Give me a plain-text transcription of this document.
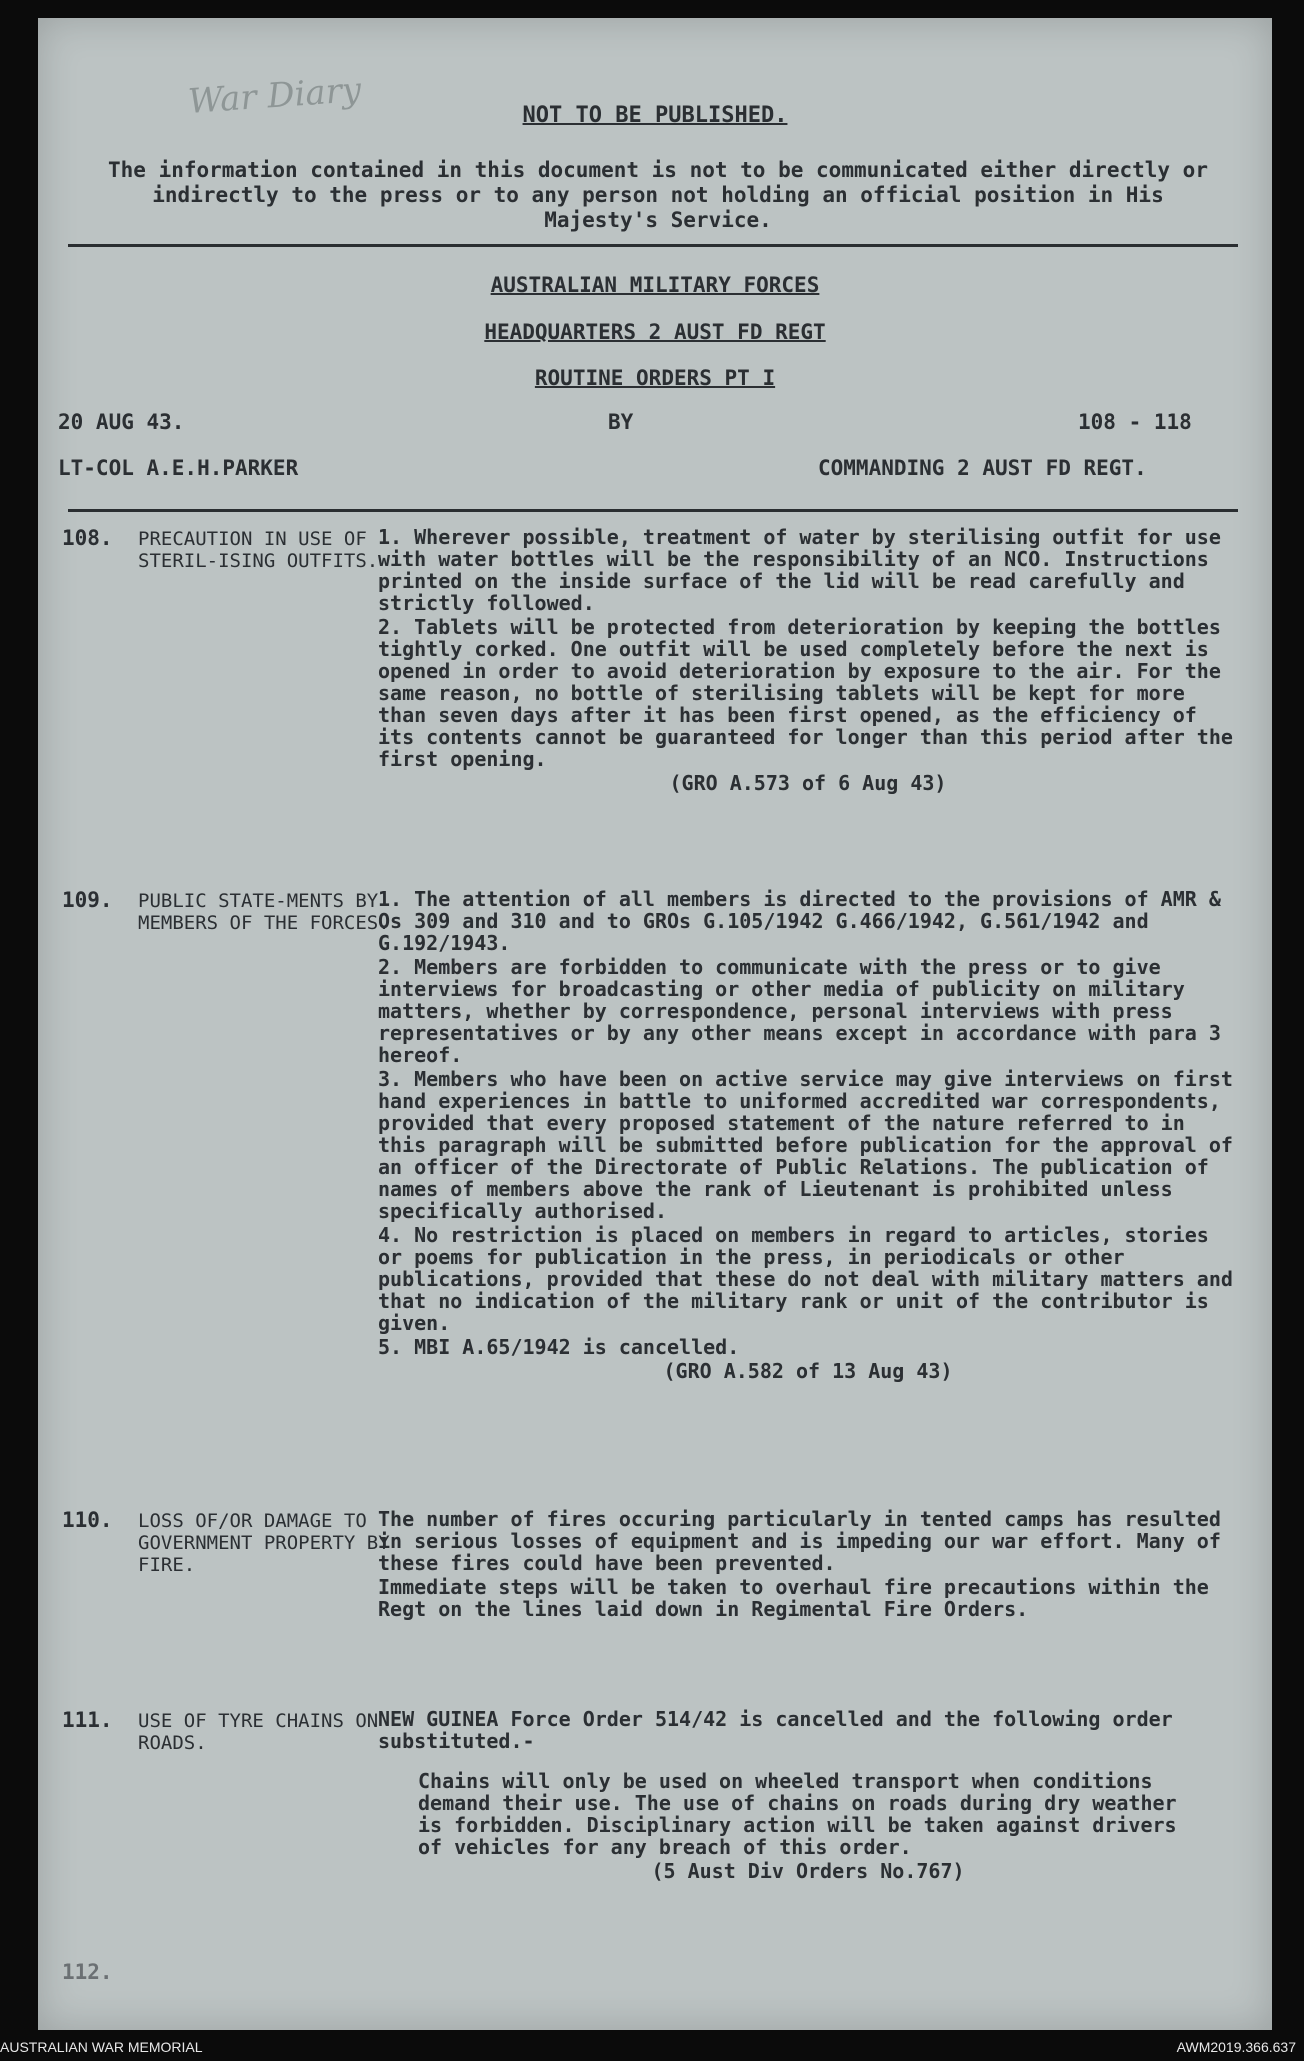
War Diary	NOT TO BE PUBLISHED.
The information contained in this document is not to be communicated either directly or indirectly to the press or to any person not holding an official position in His Majesty's Service.
AUSTRALIAN MILITARY FORCES
HEADQUARTERS 2 AUST FD REGT
ROUTINE ORDERS PT I
20 AUG 43.	BY	108 - 118
LT-COL A.E.H.PARKER	COMMANDING 2 AUST FD REGT.
108. PRECAUTION IN USE OF STERIL-ISING OUTFITS.

1. Wherever possible, treatment of water by sterilising outfit for use with water bottles will be the responsibility of an NCO. Instructions printed on the inside surface of the lid will be read carefully and strictly followed.

2. Tablets will be protected from deterioration by keeping the bottles tightly corked. One outfit will be used completely before the next is opened in order to avoid deterioration by exposure to the air. For the same reason, no bottle of sterilising tablets will be kept for more than seven days after it has been first opened, as the efficiency of its contents cannot be guaranteed for longer than this period after the first opening.

(GRO A.573 of 6 Aug 43)
109. PUBLIC STATE-MENTS BY MEMBERS OF THE FORCES.

1. The attention of all members is directed to the provisions of AMR & Os 309 and 310 and to GROs G.105/1942 G.466/1942, G.561/1942 and G.192/1943.

2. Members are forbidden to communicate with the press or to give interviews for broadcasting or other media of publicity on military matters, whether by correspondence, personal interviews with press representatives or by any other means except in accordance with para 3 hereof.

3. Members who have been on active service may give interviews on first hand experiences in battle to uniformed accredited war correspondents, provided that every proposed statement of the nature referred to in this paragraph will be submitted before publication for the approval of an officer of the Directorate of Public Relations. The publication of names of members above the rank of Lieutenant is prohibited unless specifically authorised.

4. No restriction is placed on members in regard to articles, stories or poems for publication in the press, in periodicals or other publications, provided that these do not deal with military matters and that no indication of the military rank or unit of the contributor is given.

5. MBI A.65/1942 is cancelled.

(GRO A.582 of 13 Aug 43)
110. LOSS OF/OR DAMAGE TO GOVERNMENT PROPERTY BY FIRE.

The number of fires occuring particularly in tented camps has resulted in serious losses of equipment and is impeding our war effort. Many of these fires could have been prevented.

Immediate steps will be taken to overhaul fire precautions within the Regt on the lines laid down in Regimental Fire Orders.

111. USE OF TYRE CHAINS ON ROADS.

NEW GUINEA Force Order 514/42 is cancelled and the following order substituted.-

Chains will only be used on wheeled transport when conditions demand their use. The use of chains on roads during dry weather is forbidden. Disciplinary action will be taken against drivers of vehicles for any breach of this order.
(5 Aust Div Orders No.767)
112.
AUSTRALIAN WAR MEMORIAL	AWM2019.366.637
